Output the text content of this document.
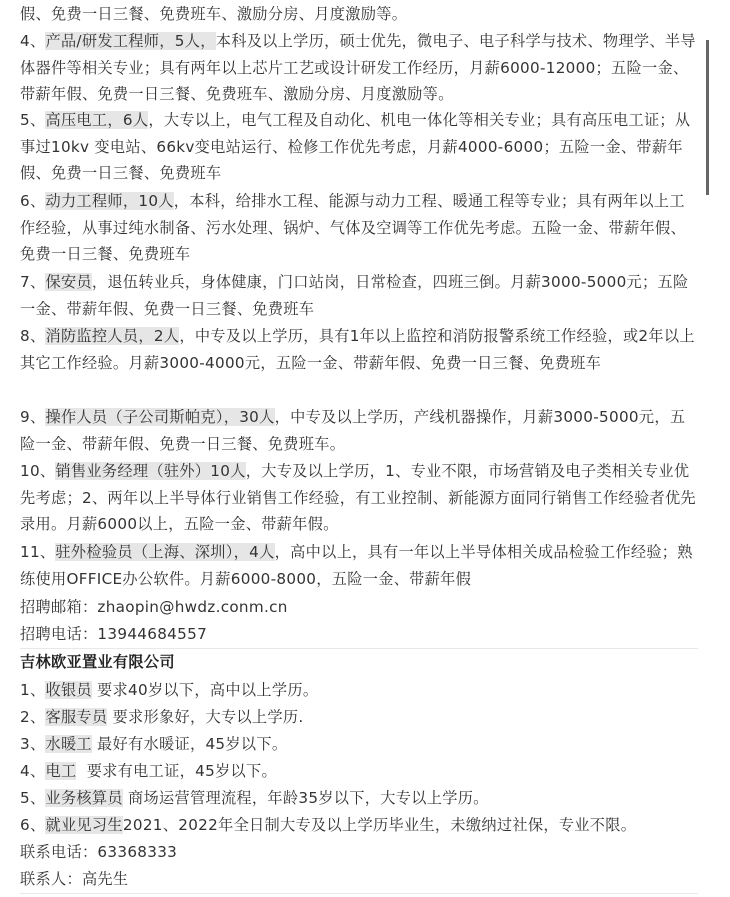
假、免费一日三餐、免费班车、激励分房、月度激励等。

4、产品/研发工程师，5人，本科及以上学历，硕士优先，微电子、电子科学与技术、物理学、半导体器件等相关专业；具有两年以上芯片工艺或设计研发工作经历，月薪6000-12000；五险一金、带薪年假、免费一日三餐、免费班车、激励分房、月度激励等。

5、高压电工，6人，大专以上，电气工程及自动化、机电一体化等相关专业；具有高压电工证；从事过10kv 变电站、66kv变电站运行、检修工作优先考虑，月薪4000-6000；五险一金、带薪年假、免费一日三餐、免费班车

6、动力工程师，10人，本科，给排水工程、能源与动力工程、暖通工程等专业；具有两年以上工作经验，从事过纯水制备、污水处理、锅炉、气体及空调等工作优先考虑。五险一金、带薪年假、免费一日三餐、免费班车

7、保安员，退伍转业兵，身体健康，门口站岗，日常检查，四班三倒。月薪3000-5000元；五险一金、带薪年假、免费一日三餐、免费班车

8、消防监控人员，2人，中专及以上学历，具有1年以上监控和消防报警系统工作经验，或2年以上其它工作经验。月薪3000-4000元，五险一金、带薪年假、免费一日三餐、免费班车

9、操作人员（子公司斯帕克），30人，中专及以上学历，产线机器操作，月薪3000-5000元，五险一金、带薪年假、免费一日三餐、免费班车。

10、销售业务经理（驻外）10人，大专及以上学历，1、专业不限，市场营销及电子类相关专业优先考虑；2、两年以上半导体行业销售工作经验，有工业控制、新能源方面同行销售工作经验者优先录用。月薪6000以上，五险一金、带薪年假。

11、驻外检验员（上海、深圳），4人，高中以上，具有一年以上半导体相关成品检验工作经验；熟练使用OFFICE办公软件。月薪6000-8000，五险一金、带薪年假

招聘邮箱：zhaopin@hwdz.conm.cn

招聘电话：13944684557

吉林欧亚置业有限公司

1、收银员 要求40岁以下，高中以上学历。

2、客服专员 要求形象好，大专以上学历.

3、水暖工 最好有水暖证，45岁以下。

4、电工  要求有电工证，45岁以下。

5、业务核算员 商场运营管理流程，年龄35岁以下，大专以上学历。

6、就业见习生2021、2022年全日制大专及以上学历毕业生，未缴纳过社保，专业不限。

联系电话：63368333

联系人：高先生
